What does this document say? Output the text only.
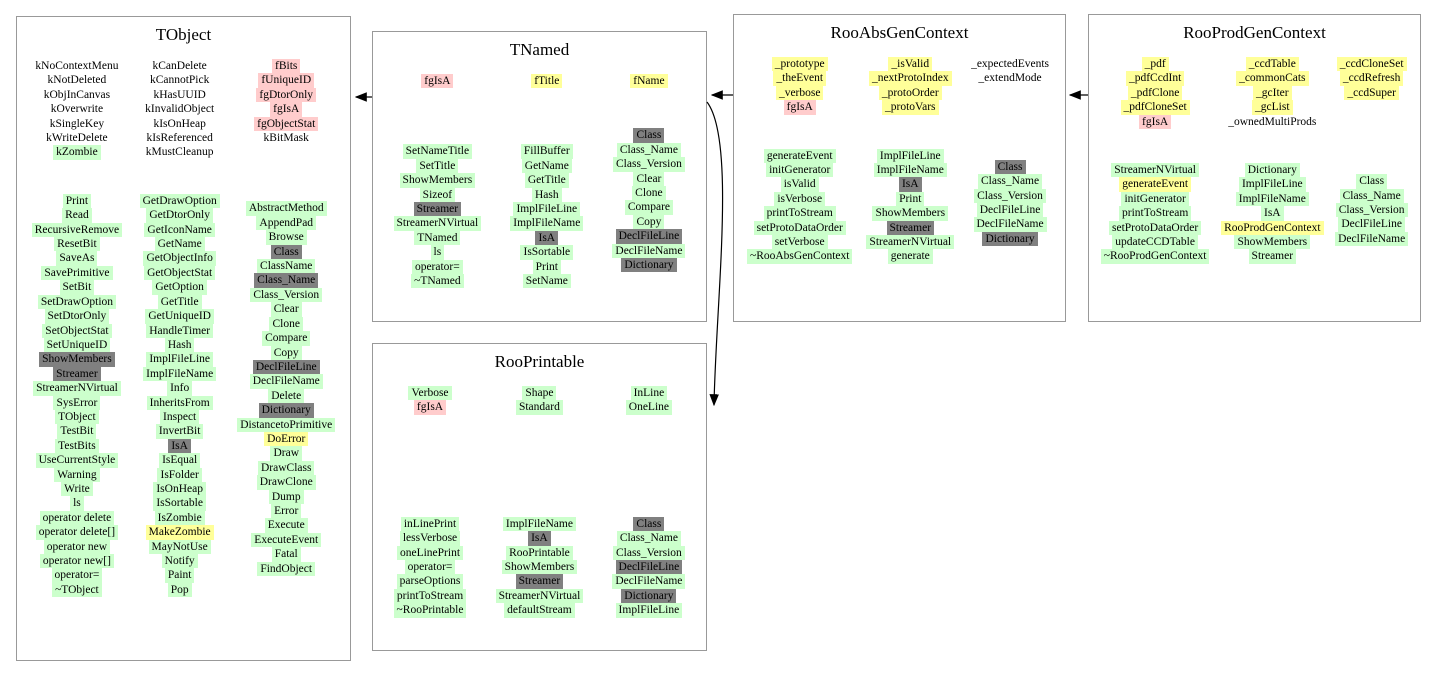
TObject
kNoContextMenu
kNotDeleted
kObjInCanvas
kOverwrite
kSingleKey
kWriteDelete
kZombie
Print
Read
RecursiveRemove
ResetBit
SaveAs
SavePrimitive
SetBit
SetDrawOption
SetDtorOnly
SetObjectStat
SetUniqueID
ShowMembers
Streamer
StreamerNVirtual
SysError
TObject
TestBit
TestBits
UseCurrentStyle
Warning
Write
ls
operator delete
operator delete[]
operator new
operator new[]
operator=
~TObject
kCanDelete
kCannotPick
kHasUUID
kInvalidObject
kIsOnHeap
kIsReferenced
kMustCleanup
GetDrawOption
GetDtorOnly
GetIconName
GetName
GetObjectInfo
GetObjectStat
GetOption
GetTitle
GetUniqueID
HandleTimer
Hash
ImplFileLine
ImplFileName
Info
InheritsFrom
Inspect
InvertBit
IsA
IsEqual
IsFolder
IsOnHeap
IsSortable
IsZombie
MakeZombie
MayNotUse
Notify
Paint
Pop
fBits
fUniqueID
fgDtorOnly
fgIsA
fgObjectStat
kBitMask
AbstractMethod
AppendPad
Browse
Class
ClassName
Class_Name
Class_Version
Clear
Clone
Compare
Copy
DeclFileLine
DeclFileName
Delete
Dictionary
DistancetoPrimitive
DoError
Draw
DrawClass
DrawClone
Dump
Error
Execute
ExecuteEvent
Fatal
FindObject
TNamed
fgIsA
SetNameTitle
SetTitle
ShowMembers
Sizeof
Streamer
StreamerNVirtual
TNamed
ls
operator=
~TNamed
fTitle
FillBuffer
GetName
GetTitle
Hash
ImplFileLine
ImplFileName
IsA
IsSortable
Print
SetName
fName
Class
Class_Name
Class_Version
Clear
Clone
Compare
Copy
DeclFileLine
DeclFileName
Dictionary
RooPrintable
Verbose
fgIsA
inLinePrint
lessVerbose
oneLinePrint
operator=
parseOptions
printToStream
~RooPrintable
Shape
Standard
ImplFileName
IsA
RooPrintable
ShowMembers
Streamer
StreamerNVirtual
defaultStream
InLine
OneLine
Class
Class_Name
Class_Version
DeclFileLine
DeclFileName
Dictionary
ImplFileLine
RooAbsGenContext
_prototype
_theEvent
_verbose
fgIsA
generateEvent
initGenerator
isValid
isVerbose
printToStream
setProtoDataOrder
setVerbose
~RooAbsGenContext
_isValid
_nextProtoIndex
_protoOrder
_protoVars
ImplFileLine
ImplFileName
IsA
Print
ShowMembers
Streamer
StreamerNVirtual
generate
_expectedEvents
_extendMode
Class
Class_Name
Class_Version
DeclFileLine
DeclFileName
Dictionary
RooProdGenContext
_pdf
_pdfCcdInt
_pdfClone
_pdfCloneSet
fgIsA
StreamerNVirtual
generateEvent
initGenerator
printToStream
setProtoDataOrder
updateCCDTable
~RooProdGenContext
_ccdTable
_commonCats
_gcIter
_gcList
_ownedMultiProds
Dictionary
ImplFileLine
ImplFileName
IsA
RooProdGenContext
ShowMembers
Streamer
_ccdCloneSet
_ccdRefresh
_ccdSuper
Class
Class_Name
Class_Version
DeclFileLine
DeclFileName
